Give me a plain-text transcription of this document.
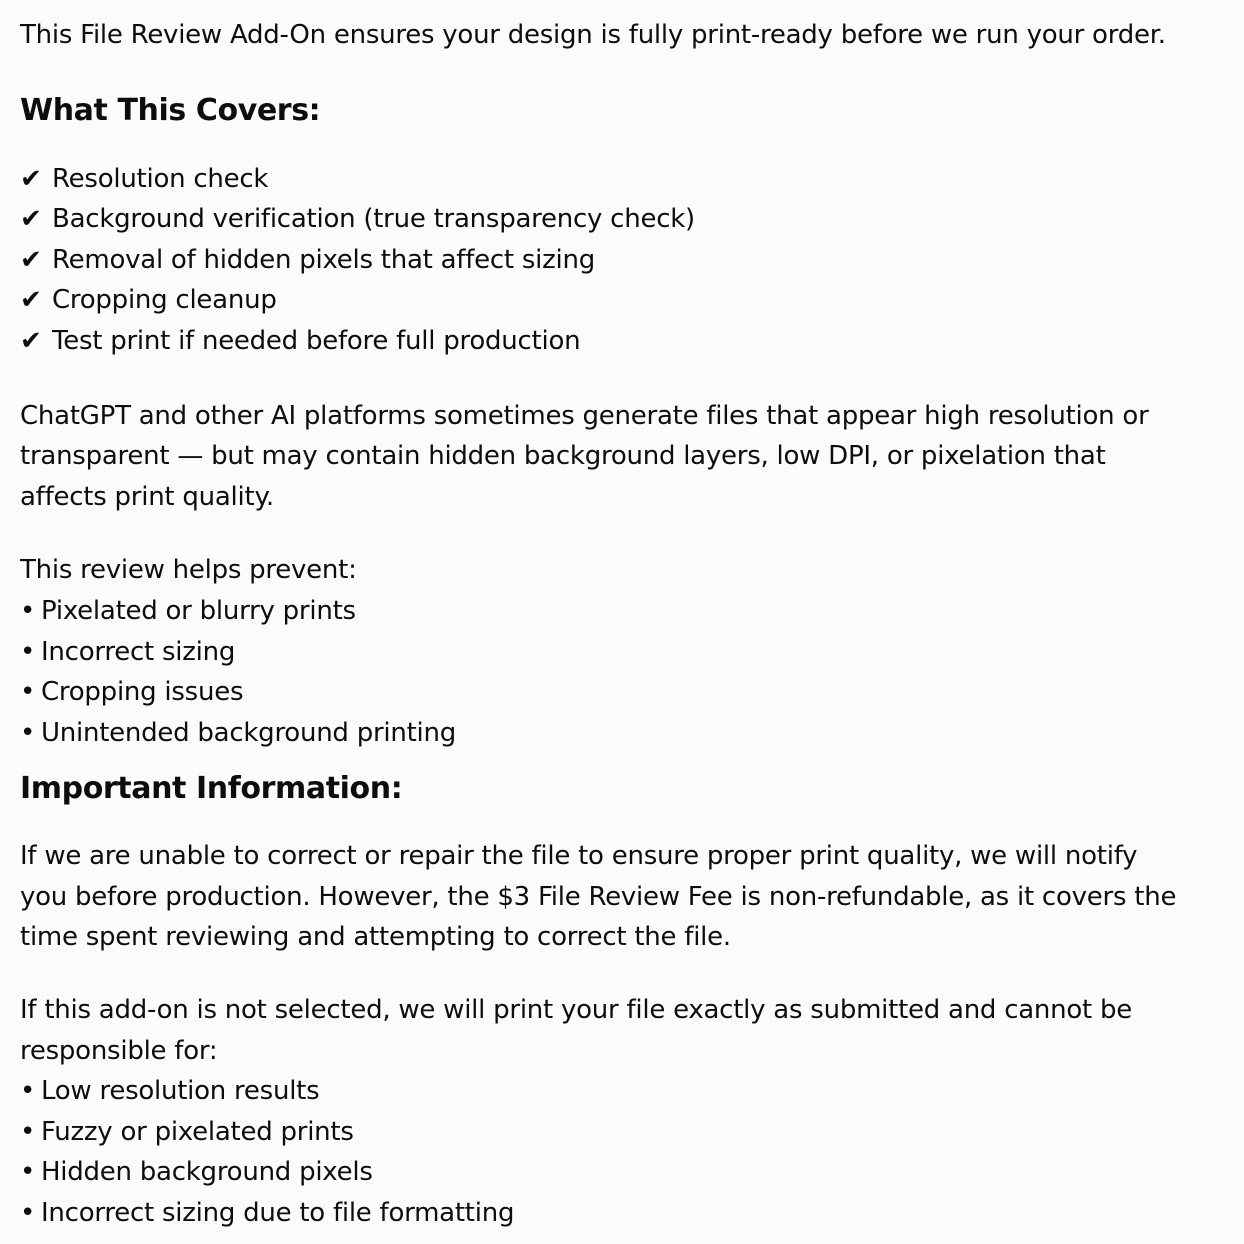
This File Review Add-On ensures your design is fully print-ready before we run your order.
What This Covers:
✔ Resolution check
✔ Background verification (true transparency check)
✔ Removal of hidden pixels that affect sizing
✔ Cropping cleanup
✔ Test print if needed before full production
ChatGPT and other AI platforms sometimes generate files that appear high resolution or
transparent — but may contain hidden background layers, low DPI, or pixelation that
affects print quality.
This review helps prevent:
• Pixelated or blurry prints
• Incorrect sizing
• Cropping issues
• Unintended background printing
Important Information:
If we are unable to correct or repair the file to ensure proper print quality, we will notify
you before production. However, the $3 File Review Fee is non-refundable, as it covers the
time spent reviewing and attempting to correct the file.
If this add-on is not selected, we will print your file exactly as submitted and cannot be
responsible for:
• Low resolution results
• Fuzzy or pixelated prints
• Hidden background pixels
• Incorrect sizing due to file formatting
